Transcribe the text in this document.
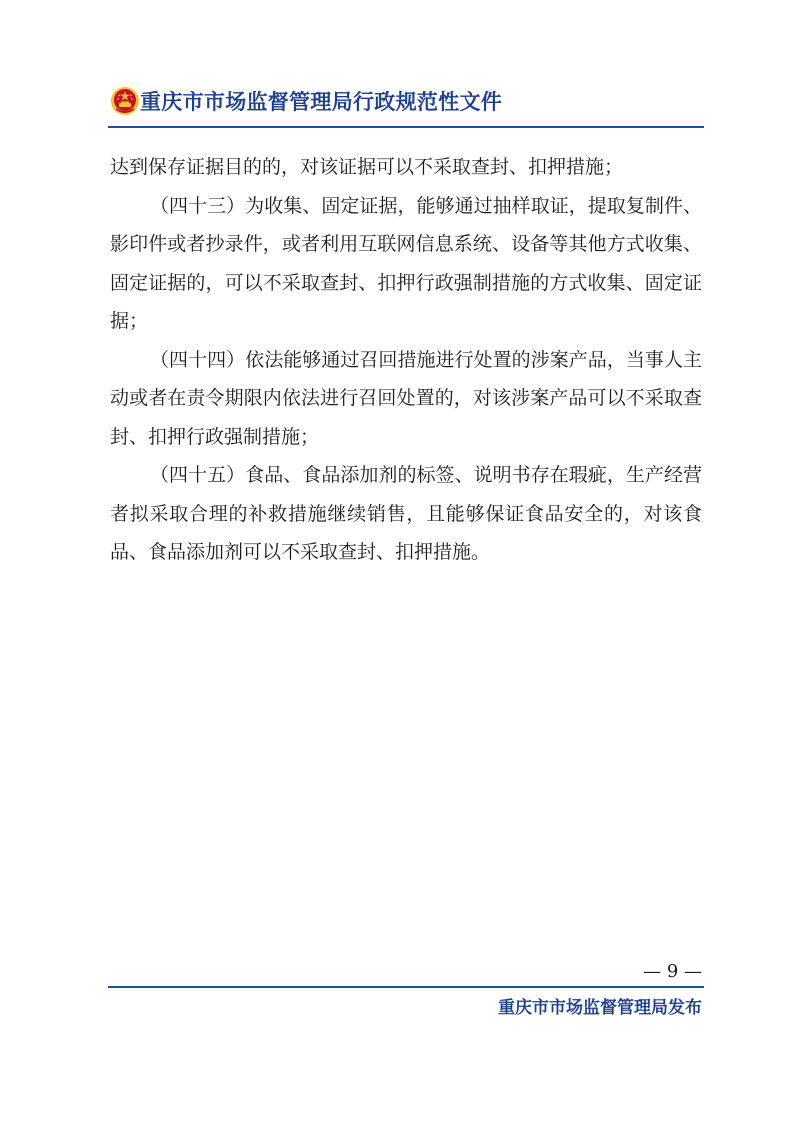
重庆市市场监督管理局行政规范性文件

达到保存证据目的的，对该证据可以不采取查封、扣押措施；

（四十三）为收集、固定证据，能够通过抽样取证，提取复制件、影印件或者抄录件，或者利用互联网信息系统、设备等其他方式收集、固定证据的，可以不采取查封、扣押行政强制措施的方式收集、固定证据；

（四十四）依法能够通过召回措施进行处置的涉案产品，当事人主动或者在责令期限内依法进行召回处置的，对该涉案产品可以不采取查封、扣押行政强制措施；

（四十五）食品、食品添加剂的标签、说明书存在瑕疵，生产经营者拟采取合理的补救措施继续销售，且能够保证食品安全的，对该食品、食品添加剂可以不采取查封、扣押措施。

— 9 —
重庆市市场监督管理局发布
